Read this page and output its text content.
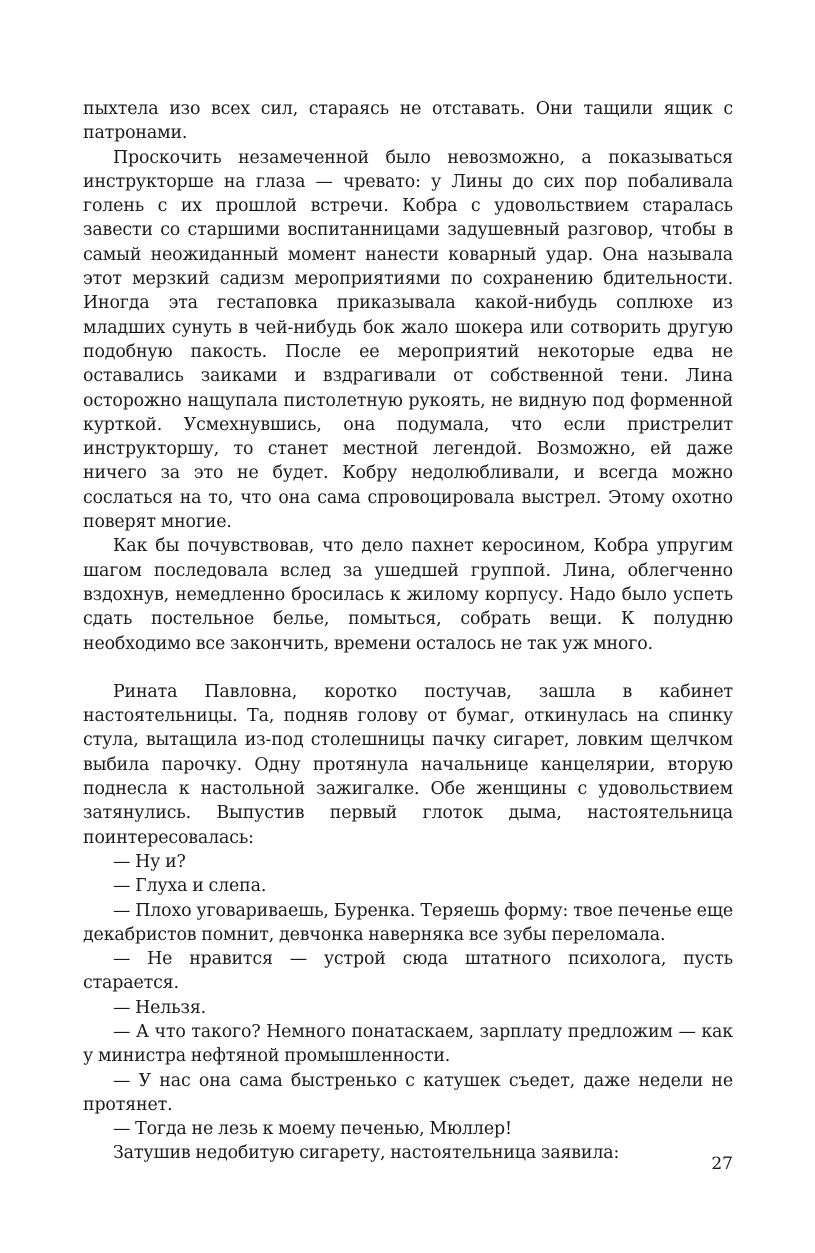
пыхтела изо всех сил, стараясь не отставать. Они тащили ящик с патронами.

Проскочить незамеченной было невозможно, а показываться инструкторше на глаза — чревато: у Лины до сих пор побаливала голень с их прошлой встречи. Кобра с удовольствием старалась завести со старшими воспитанницами задушевный разговор, чтобы в самый неожиданный момент нанести коварный удар. Она называла этот мерзкий садизм мероприятиями по сохранению бдительности. Иногда эта гестаповка приказывала какой-нибудь соплюхе из младших сунуть в чей-нибудь бок жало шокера или сотворить другую подобную пакость. После ее мероприятий некоторые едва не оставались заиками и вздрагивали от собственной тени. Лина осторожно нащупала пистолетную рукоять, не видную под форменной курткой. Усмехнувшись, она подумала, что если пристрелит инструкторшу, то станет местной легендой. Возможно, ей даже ничего за это не будет. Кобру недолюбливали, и всегда можно сослаться на то, что она сама спровоцировала выстрел. Этому охотно поверят многие.

Как бы почувствовав, что дело пахнет керосином, Кобра упругим шагом последовала вслед за ушедшей группой. Лина, облегченно вздохнув, немедленно бросилась к жилому корпусу. Надо было успеть сдать постельное белье, помыться, собрать вещи. К полудню необходимо все закончить, времени осталось не так уж много.

Рината Павловна, коротко постучав, зашла в кабинет настоятельницы. Та, подняв голову от бумаг, откинулась на спинку стула, вытащила из-под столешницы пачку сигарет, ловким щелчком выбила парочку. Одну протянула начальнице канцелярии, вторую поднесла к настольной зажигалке. Обе женщины с удовольствием затянулись. Выпустив первый глоток дыма, настоятельница поинтересовалась:

— Ну и?

— Глуха и слепа.

— Плохо уговариваешь, Буренка. Теряешь форму: твое печенье еще декабристов помнит, девчонка наверняка все зубы переломала.

— Не нравится — устрой сюда штатного психолога, пусть старается.

— Нельзя.

— А что такого? Немного понатаскаем, зарплату предложим — как у министра нефтяной промышленности.

— У нас она сама быстренько с катушек съедет, даже недели не протянет.

— Тогда не лезь к моему печенью, Мюллер!

Затушив недобитую сигарету, настоятельница заявила:

27
